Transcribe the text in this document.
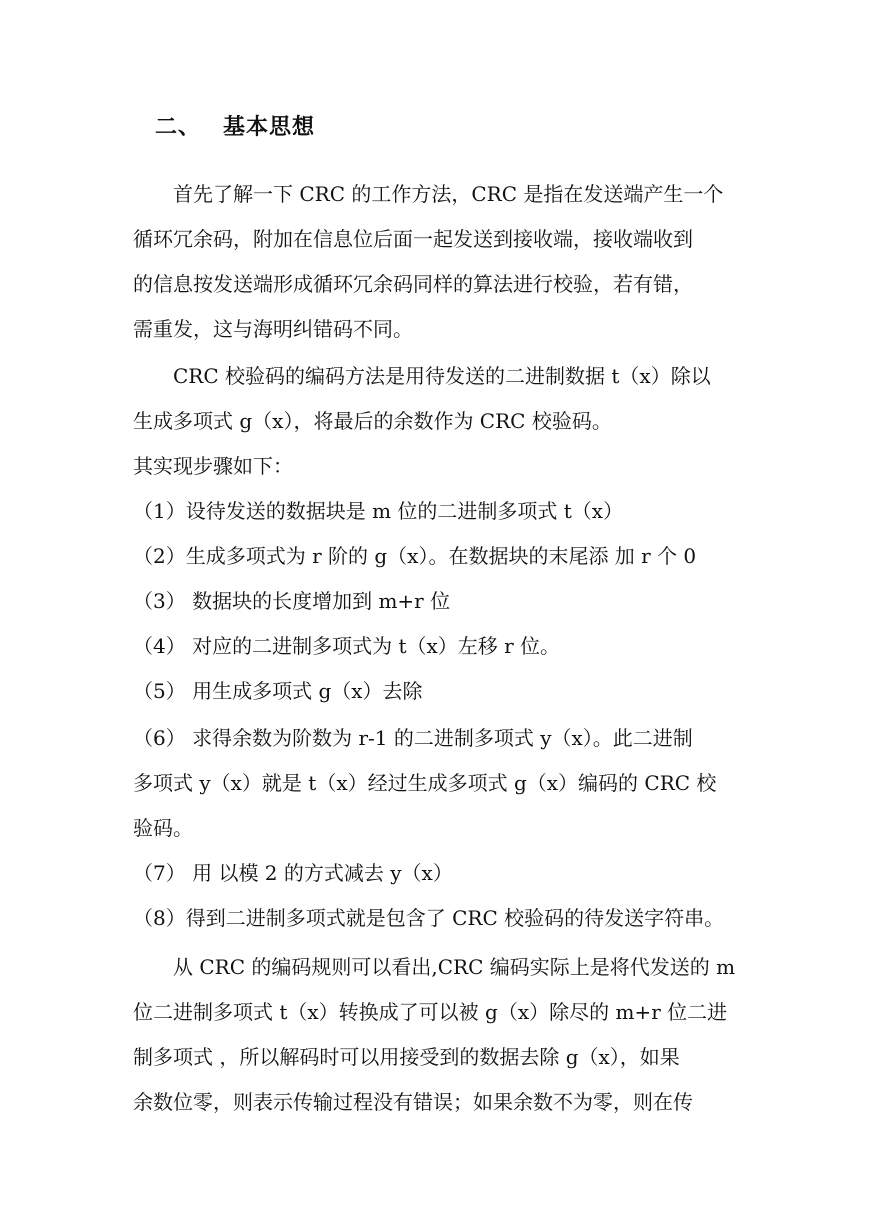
二、 基本思想
首先了解一下 CRC 的工作方法，CRC 是指在发送端产生一个
循环冗余码，附加在信息位后面一起发送到接收端，接收端收到
的信息按发送端形成循环冗余码同样的算法进行校验，若有错，
需重发，这与海明纠错码不同。
CRC 校验码的编码方法是用待发送的二进制数据 t（x）除以
生成多项式 g（x），将最后的余数作为 CRC 校验码。
其实现步骤如下：
（1）设待发送的数据块是 m 位的二进制多项式 t（x）
（2）生成多项式为 r 阶的 g（x）。在数据块的末尾添 加 r 个 0
（3） 数据块的长度增加到 m+r 位
（4） 对应的二进制多项式为 t（x）左移 r 位。
（5） 用生成多项式 g（x）去除
（6） 求得余数为阶数为 r-1 的二进制多项式 y（x）。此二进制
多项式 y（x）就是 t（x）经过生成多项式 g（x）编码的 CRC 校
验码。
（7） 用 以模 2 的方式减去 y（x）
（8）得到二进制多项式就是包含了 CRC 校验码的待发送字符串。
从 CRC 的编码规则可以看出,CRC 编码实际上是将代发送的 m
位二进制多项式 t（x）转换成了可以被 g（x）除尽的 m+r 位二进
制多项式 ，所以解码时可以用接受到的数据去除 g（x），如果
余数位零，则表示传输过程没有错误；如果余数不为零，则在传
